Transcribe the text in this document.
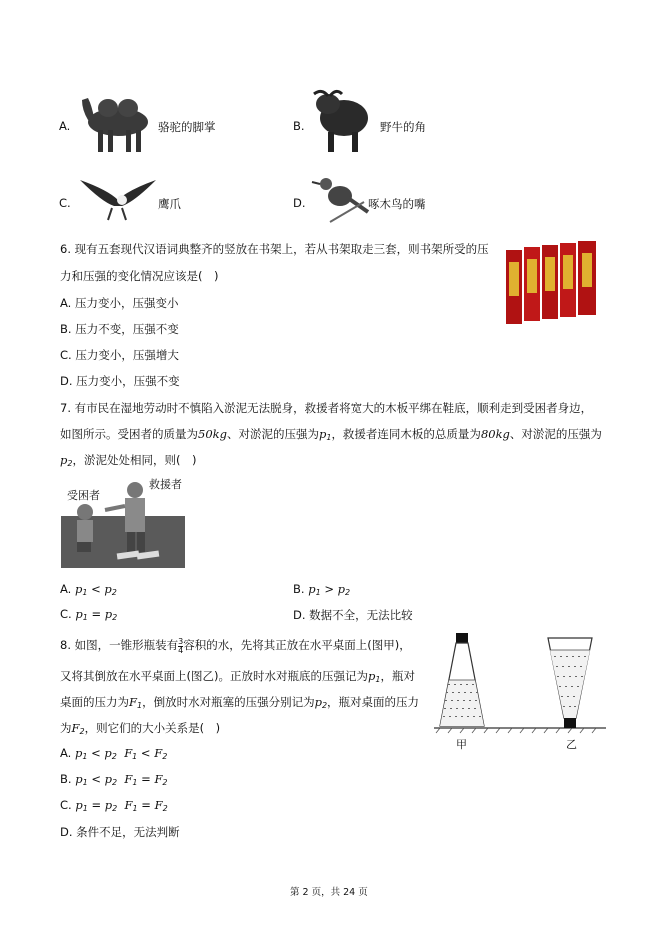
A.	骆驼的脚掌	B.	野牛的角
C.	鹰爪	D.	啄木鸟的嘴
6. 现有五套现代汉语词典整齐的竖放在书架上，若从书架取走三套，则书架所受的压
力和压强的变化情况应该是(　)
A. 压力变小，压强变小
B. 压力不变，压强不变
C. 压力变小，压强增大
D. 压力变小，压强不变
7. 有市民在湿地劳动时不慎陷入淤泥无法脱身，救援者将宽大的木板平绑在鞋底，顺利走到受困者身边，
如图所示。受困者的质量为50kg、对淤泥的压强为$p_1$，救援者连同木板的总质量为80kg、对淤泥的压强为
$p_2$，淤泥处处相同，则(　)
受困者
救援者
A. $p_1 < p_2$	B. $p_1 > p_2$
C. $p_1 = p_2$	D. 数据不全，无法比较
8. 如图，一锥形瓶装有 $\frac{3}{4}$ 容积的水，先将其正放在水平桌面上(图甲)，
又将其倒放在水平桌面上(图乙)。正放时水对瓶底的压强记为$p_1$，瓶对
桌面的压力为$F_1$，倒放时水对瓶塞的压强分别记为$p_2$，瓶对桌面的压力
为$F_2$，则它们的大小关系是(　)
A. $p_1 < p_2$ $F_1 < F_2$
B. $p_1 < p_2$ $F_1 = F_2$
C. $p_1 = p_2$ $F_1 = F_2$
D. 条件不足，无法判断
甲	乙
第 2 页，共 24 页
